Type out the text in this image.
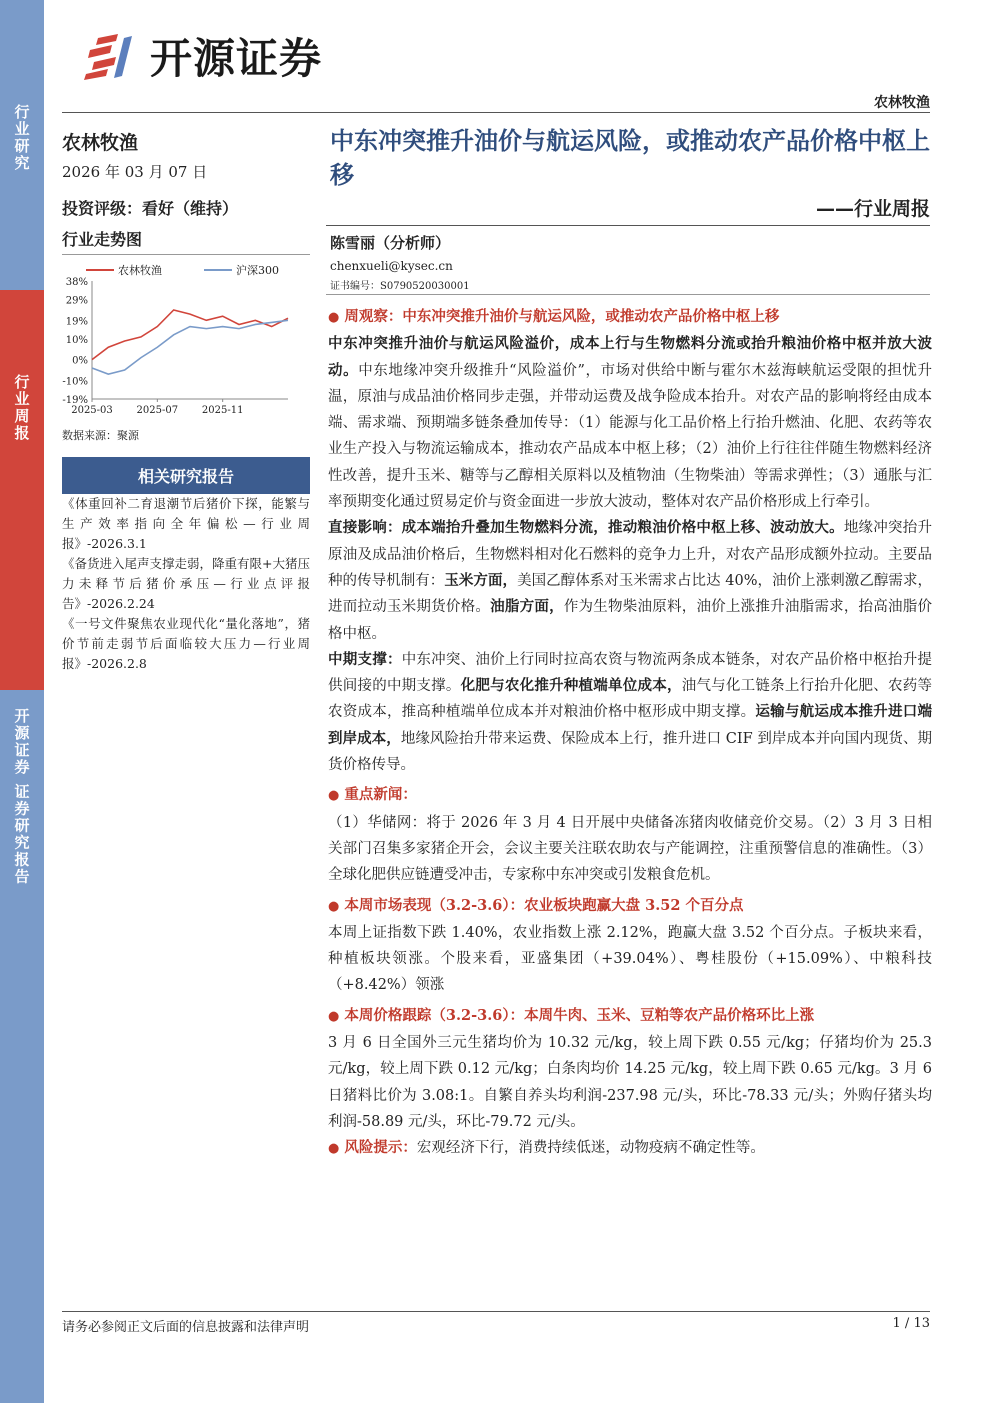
行业研究
行业周报
开源证券 证券研究报告
开源证券
农林牧渔
农林牧渔
2026 年 03 月 07 日
投资评级：看好（维持）
行业走势图
农林牧渔	沪深300
38%
29%
19%
10%
0%
-10%
-19%
2025-03 2025-07 2025-11
数据来源：聚源
相关研究报告
《体重回补二育退潮节后猪价下探，能繁与生产效率指向全年偏松—行业周报》-2026.3.1
《备货进入尾声支撑走弱，降重有限+大猪压力未释节后猪价承压—行业点评报告》-2026.2.24
《一号文件聚焦农业现代化“量化落地”，猪价节前走弱节后面临较大压力—行业周报》-2026.2.8
中东冲突推升油价与航运风险，或推动农产品价格中枢上移
——行业周报
陈雪丽（分析师）
chenxueli@kysec.cn
证书编号：S0790520030001

● 周观察：中东冲突推升油价与航运风险，或推动农产品价格中枢上移

中东冲突推升油价与航运风险溢价，成本上行与生物燃料分流或抬升粮油价格中枢并放大波动。中东地缘冲突升级推升“风险溢价”，市场对供给中断与霍尔木兹海峡航运受限的担忧升温，原油与成品油价格同步走强，并带动运费及战争险成本抬升。对农产品的影响将经由成本端、需求端、预期端多链条叠加传导：（1）能源与化工品价格上行抬升燃油、化肥、农药等农业生产投入与物流运输成本，推动农产品成本中枢上移；（2）油价上行往往伴随生物燃料经济性改善，提升玉米、糖等与乙醇相关原料以及植物油（生物柴油）等需求弹性；（3）通胀与汇率预期变化通过贸易定价与资金面进一步放大波动，整体对农产品价格形成上行牵引。

直接影响：成本端抬升叠加生物燃料分流，推动粮油价格中枢上移、波动放大。地缘冲突抬升原油及成品油价格后，生物燃料相对化石燃料的竞争力上升，对农产品形成额外拉动。主要品种的传导机制有：玉米方面，美国乙醇体系对玉米需求占比达 40%，油价上涨刺激乙醇需求，进而拉动玉米期货价格。油脂方面，作为生物柴油原料，油价上涨推升油脂需求，抬高油脂价格中枢。

中期支撑：中东冲突、油价上行同时拉高农资与物流两条成本链条，对农产品价格中枢抬升提供间接的中期支撑。化肥与农化推升种植端单位成本，油气与化工链条上行抬升化肥、农药等农资成本，推高种植端单位成本并对粮油价格中枢形成中期支撑。运输与航运成本推升进口端到岸成本，地缘风险抬升带来运费、保险成本上行，推升进口 CIF 到岸成本并向国内现货、期货价格传导。

● 重点新闻：

（1）华储网：将于 2026 年 3 月 4 日开展中央储备冻猪肉收储竞价交易。（2）3 月 3 日相关部门召集多家猪企开会，会议主要关注联农助农与产能调控，注重预警信息的准确性。（3）全球化肥供应链遭受冲击，专家称中东冲突或引发粮食危机。

● 本周市场表现（3.2-3.6）：农业板块跑赢大盘 3.52 个百分点

本周上证指数下跌 1.40%，农业指数上涨 2.12%，跑赢大盘 3.52 个百分点。子板块来看，种植板块领涨。个股来看，亚盛集团（+39.04%）、粤桂股份（+15.09%）、中粮科技（+8.42%）领涨

● 本周价格跟踪（3.2-3.6）：本周牛肉、玉米、豆粕等农产品价格环比上涨

3 月 6 日全国外三元生猪均价为 10.32 元/kg，较上周下跌 0.55 元/kg；仔猪均价为 25.3 元/kg，较上周下跌 0.12 元/kg；白条肉均价 14.25 元/kg，较上周下跌 0.65 元/kg。3 月 6 日猪料比价为 3.08:1。自繁自养头均利润-237.98 元/头，环比-78.33 元/头；外购仔猪头均利润-58.89 元/头，环比-79.72 元/头。

● 风险提示：宏观经济下行，消费持续低迷，动物疫病不确定性等。

请务必参阅正文后面的信息披露和法律声明	1 / 13
